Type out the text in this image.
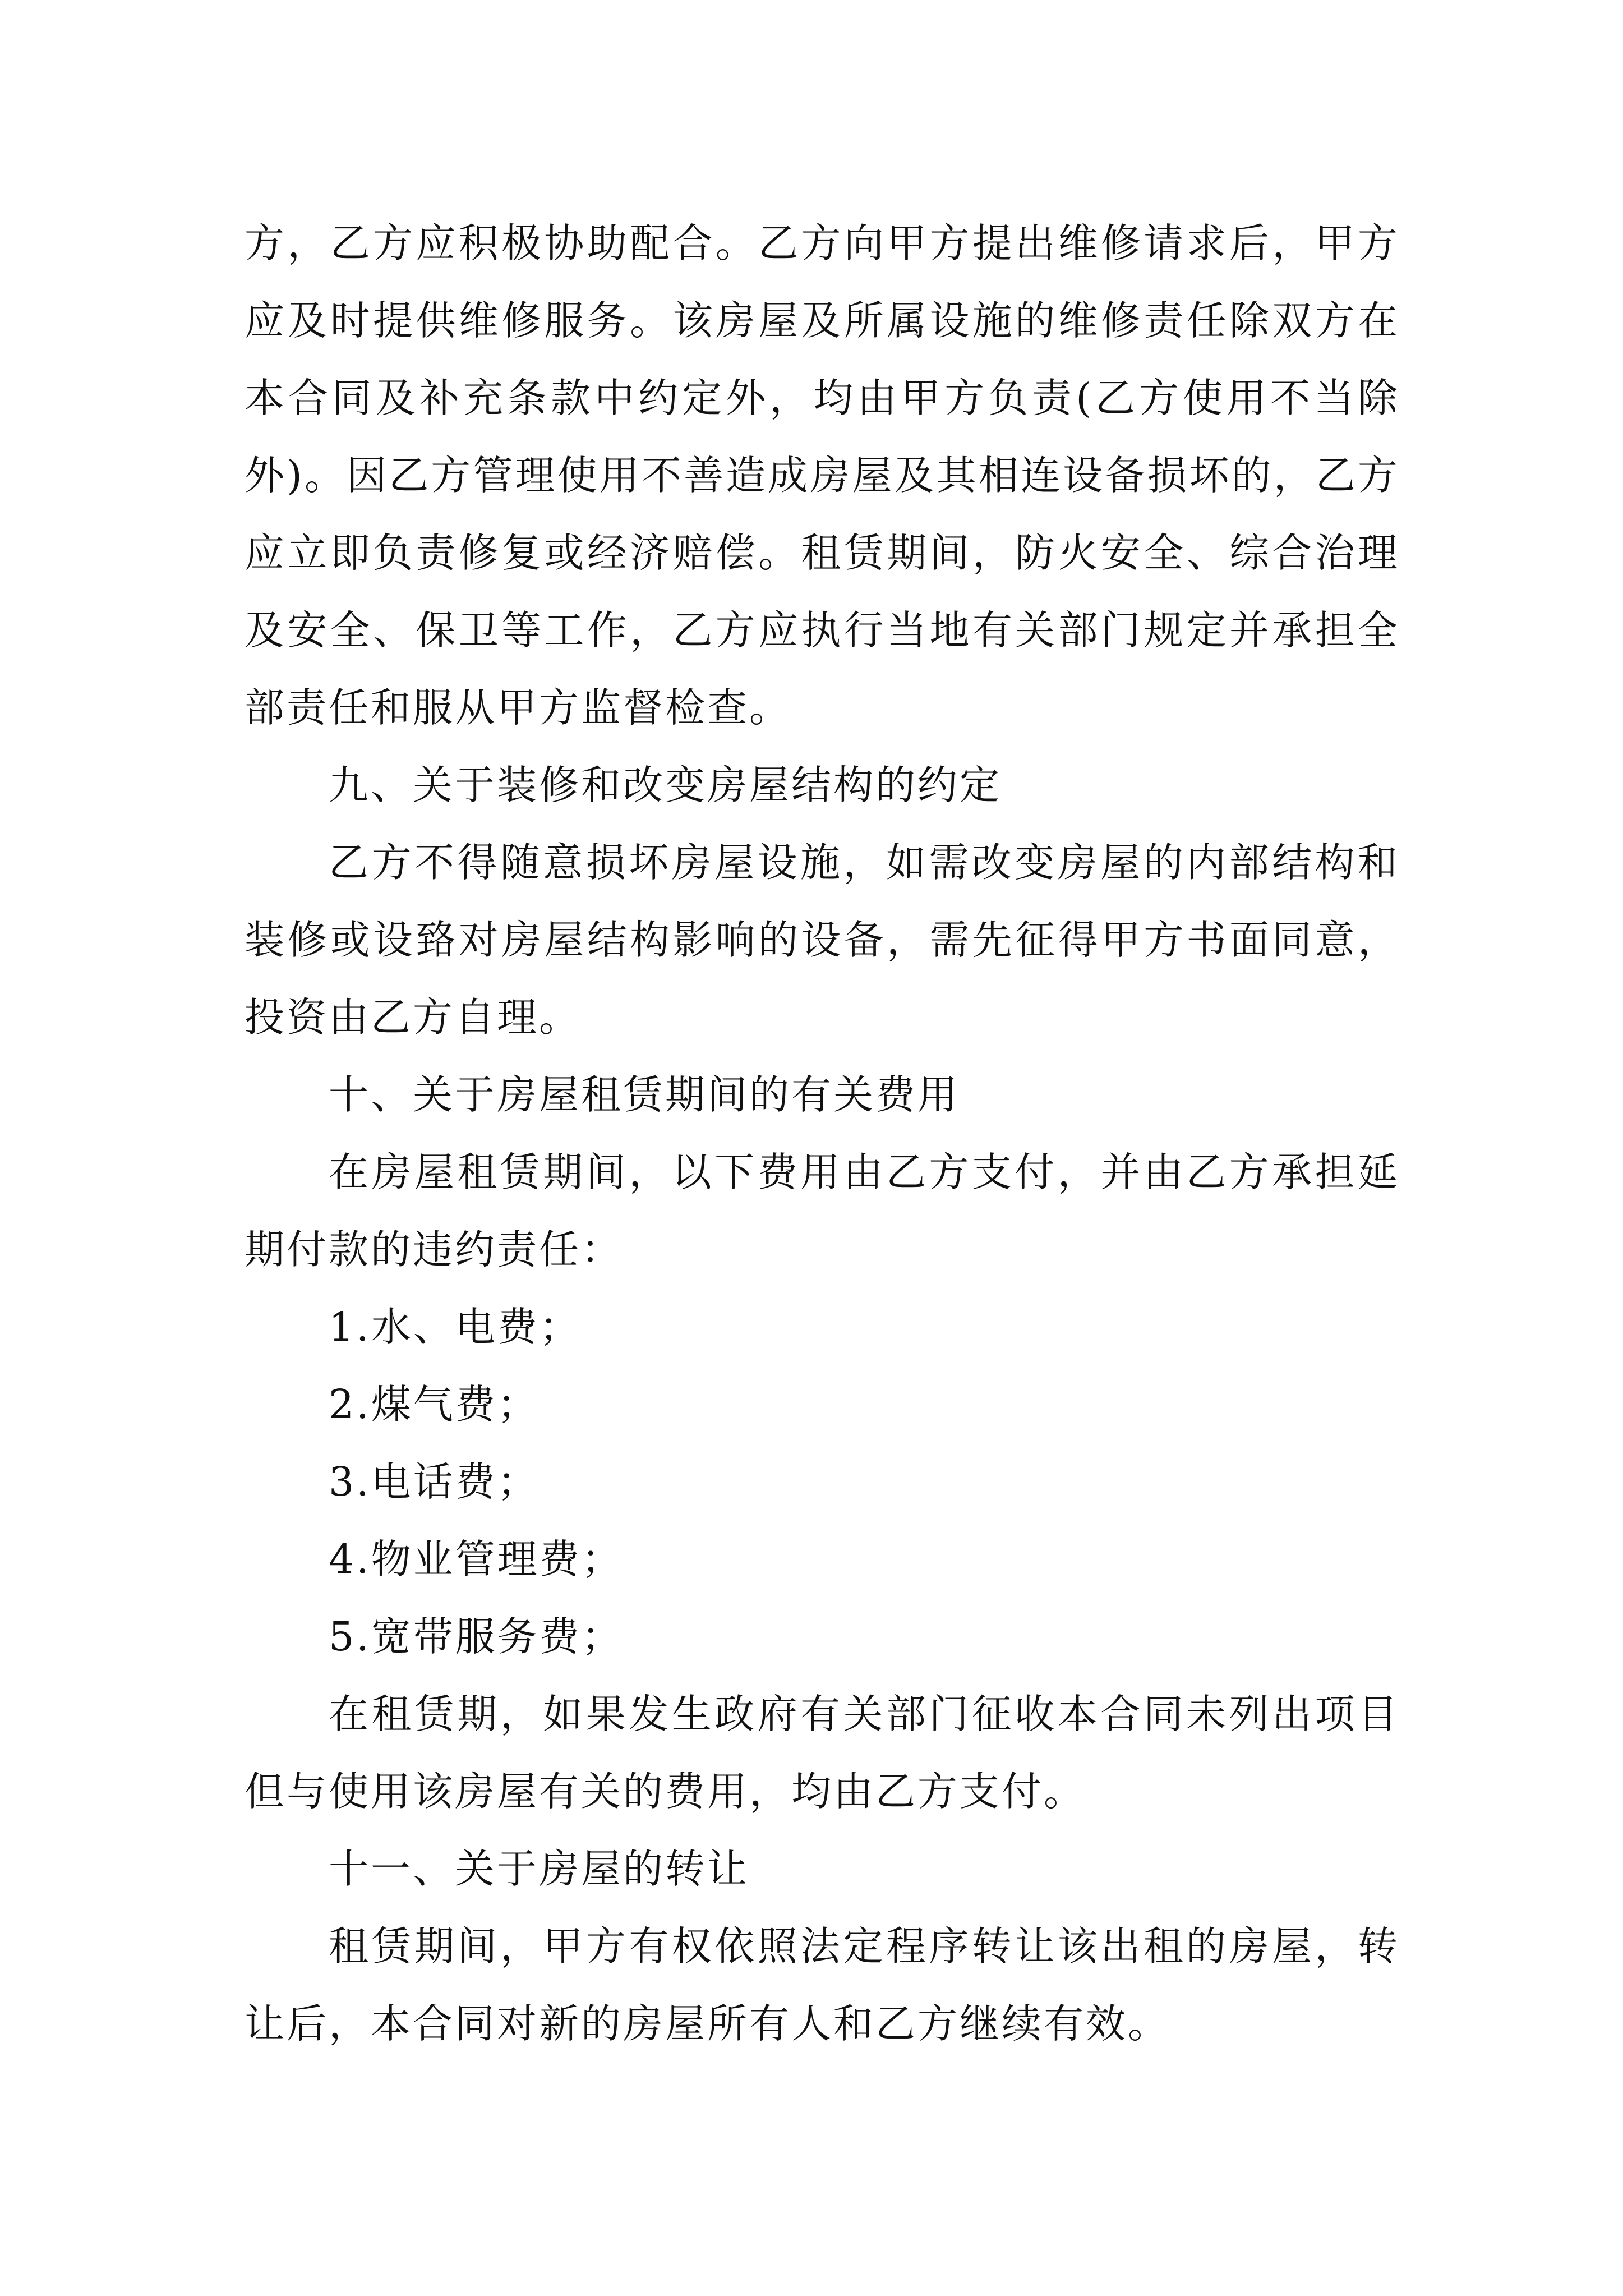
方，乙方应积极协助配合。乙方向甲方提出维修请求后，甲方应及时提供维修服务。该房屋及所属设施的维修责任除双方在本合同及补充条款中约定外，均由甲方负责(乙方使用不当除外)。因乙方管理使用不善造成房屋及其相连设备损坏的，乙方应立即负责修复或经济赔偿。租赁期间，防火安全、综合治理及安全、保卫等工作，乙方应执行当地有关部门规定并承担全部责任和服从甲方监督检查。

九、关于装修和改变房屋结构的约定

乙方不得随意损坏房屋设施，如需改变房屋的内部结构和装修或设臵对房屋结构影响的设备，需先征得甲方书面同意，投资由乙方自理。

十、关于房屋租赁期间的有关费用

在房屋租赁期间，以下费用由乙方支付，并由乙方承担延期付款的违约责任：

1.水、电费；

2.煤气费；

3.电话费；

4.物业管理费；

5.宽带服务费；

在租赁期，如果发生政府有关部门征收本合同未列出项目但与使用该房屋有关的费用，均由乙方支付。

十一、关于房屋的转让

租赁期间，甲方有权依照法定程序转让该出租的房屋，转让后，本合同对新的房屋所有人和乙方继续有效。
